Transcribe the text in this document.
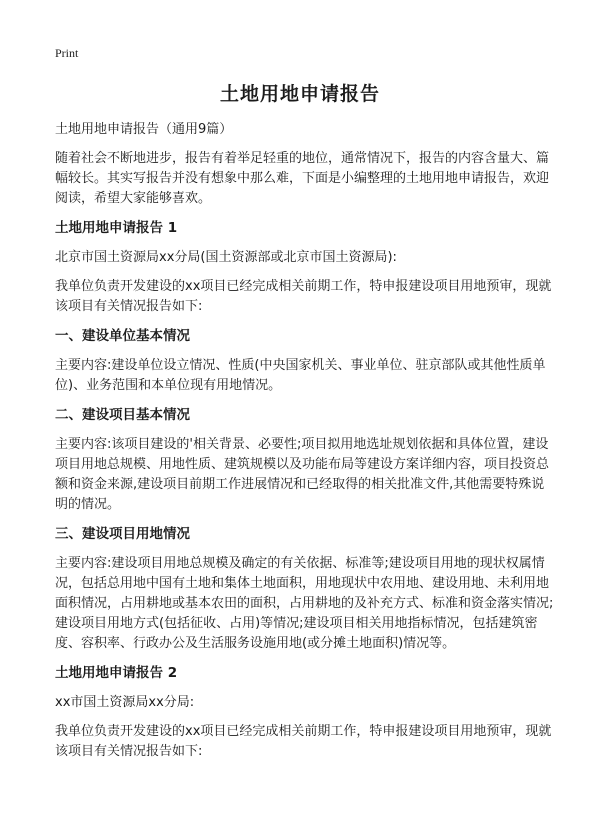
Print
土地用地申请报告

土地用地申请报告（通用9篇）

随着社会不断地进步，报告有着举足轻重的地位，通常情况下，报告的内容含量大、篇幅较长。其实写报告并没有想象中那么难，下面是小编整理的土地用地申请报告，欢迎阅读，希望大家能够喜欢。

土地用地申请报告 1

北京市国土资源局xx分局(国土资源部或北京市国土资源局):

我单位负责开发建设的xx项目已经完成相关前期工作，特申报建设项目用地预审，现就该项目有关情况报告如下:

一、建设单位基本情况

主要内容:建设单位设立情况、性质(中央国家机关、事业单位、驻京部队或其他性质单位)、业务范围和本单位现有用地情况。

二、建设项目基本情况

主要内容:该项目建设的'相关背景、必要性;项目拟用地选址规划依据和具体位置，建设项目用地总规模、用地性质、建筑规模以及功能布局等建设方案详细内容，项目投资总额和资金来源,建设项目前期工作进展情况和已经取得的相关批准文件,其他需要特殊说明的情况。

三、建设项目用地情况

主要内容:建设项目用地总规模及确定的有关依据、标准等;建设项目用地的现状权属情况，包括总用地中国有土地和集体土地面积，用地现状中农用地、建设用地、未利用地面积情况，占用耕地或基本农田的面积，占用耕地的及补充方式、标准和资金落实情况;建设项目用地方式(包括征收、占用)等情况;建设项目相关用地指标情况，包括建筑密度、容积率、行政办公及生活服务设施用地(或分摊土地面积)情况等。

土地用地申请报告 2

xx市国土资源局xx分局:

我单位负责开发建设的xx项目已经完成相关前期工作，特申报建设项目用地预审，现就该项目有关情况报告如下:
